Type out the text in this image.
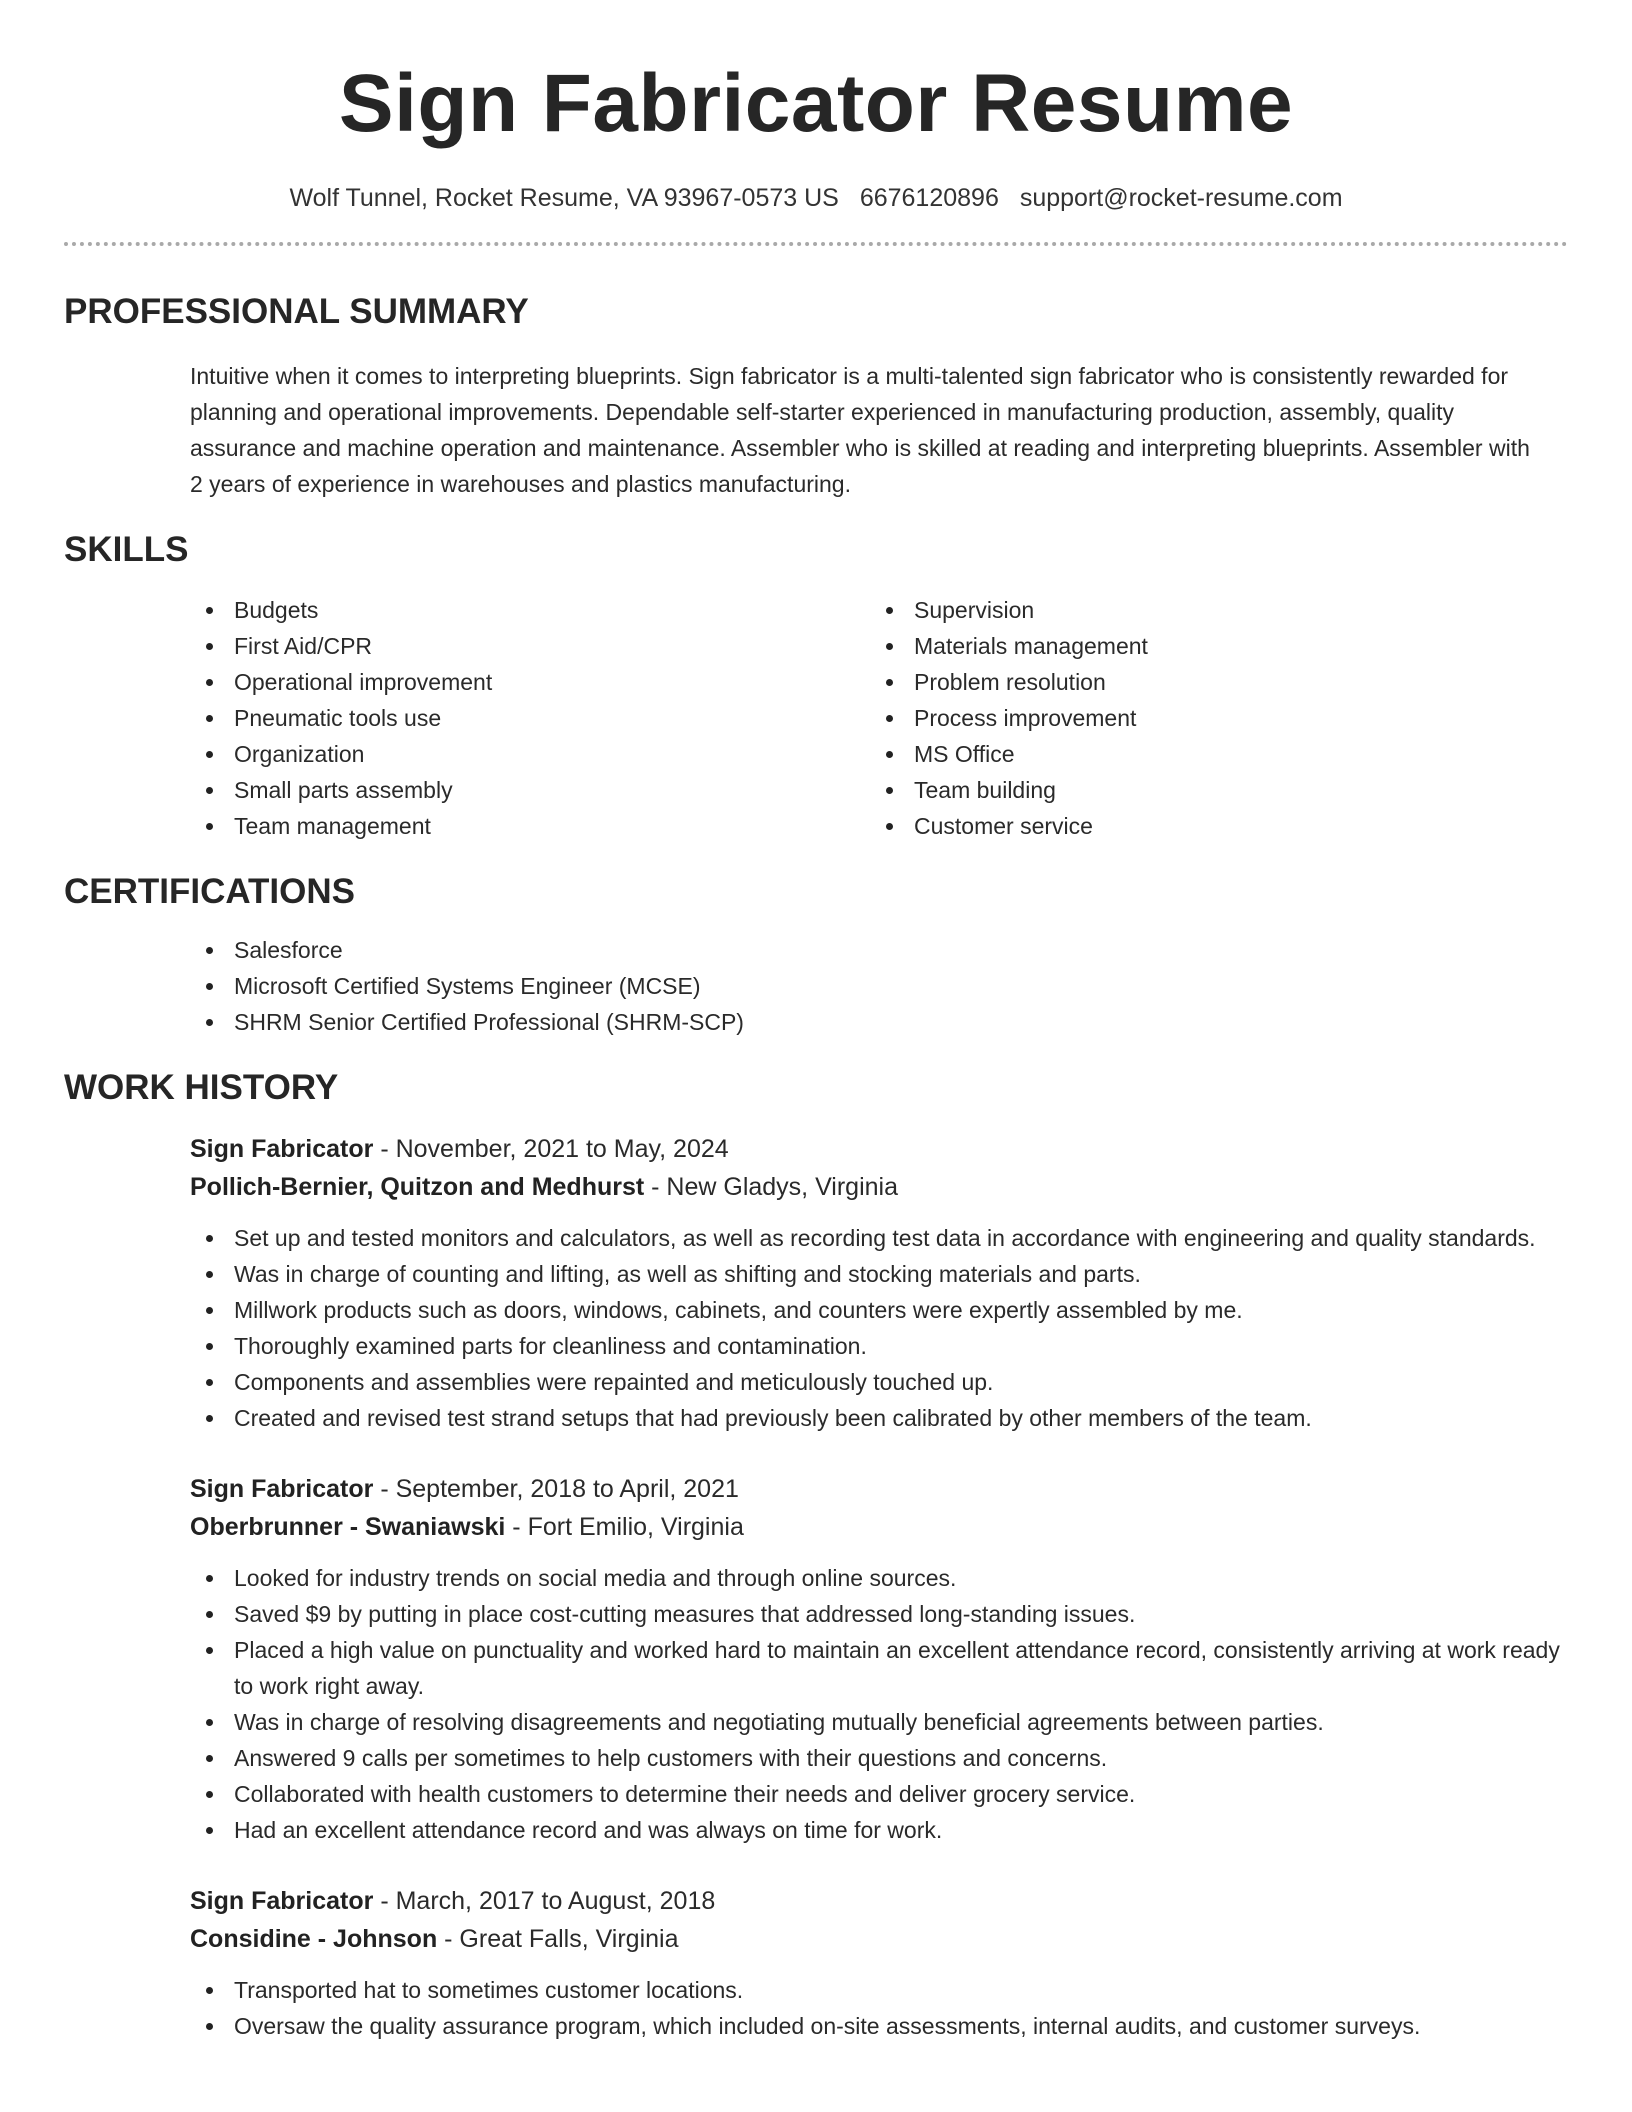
Sign Fabricator Resume
Wolf Tunnel, Rocket Resume, VA 93967-0573 US 6676120896 support@rocket-resume.com
PROFESSIONAL SUMMARY

Intuitive when it comes to interpreting blueprints. Sign fabricator is a multi-talented sign fabricator who is consistently rewarded for planning and operational improvements. Dependable self-starter experienced in manufacturing production, assembly, quality assurance and machine operation and maintenance. Assembler who is skilled at reading and interpreting blueprints. Assembler with 2 years of experience in warehouses and plastics manufacturing.

SKILLS
Budgets
First Aid/CPR
Operational improvement
Pneumatic tools use
Organization
Small parts assembly
Team management
Supervision
Materials management
Problem resolution
Process improvement
MS Office
Team building
Customer service
CERTIFICATIONS
Salesforce
Microsoft Certified Systems Engineer (MCSE)
SHRM Senior Certified Professional (SHRM-SCP)
WORK HISTORY
Sign Fabricator - November, 2021 to May, 2024
Pollich-Bernier, Quitzon and Medhurst - New Gladys, Virginia
Set up and tested monitors and calculators, as well as recording test data in accordance with engineering and quality standards.
Was in charge of counting and lifting, as well as shifting and stocking materials and parts.
Millwork products such as doors, windows, cabinets, and counters were expertly assembled by me.
Thoroughly examined parts for cleanliness and contamination.
Components and assemblies were repainted and meticulously touched up.
Created and revised test strand setups that had previously been calibrated by other members of the team.
Sign Fabricator - September, 2018 to April, 2021
Oberbrunner - Swaniawski - Fort Emilio, Virginia
Looked for industry trends on social media and through online sources.
Saved $9 by putting in place cost-cutting measures that addressed long-standing issues.
Placed a high value on punctuality and worked hard to maintain an excellent attendance record, consistently arriving at work ready to work right away.
Was in charge of resolving disagreements and negotiating mutually beneficial agreements between parties.
Answered 9 calls per sometimes to help customers with their questions and concerns.
Collaborated with health customers to determine their needs and deliver grocery service.
Had an excellent attendance record and was always on time for work.
Sign Fabricator - March, 2017 to August, 2018
Considine - Johnson - Great Falls, Virginia
Transported hat to sometimes customer locations.
Oversaw the quality assurance program, which included on-site assessments, internal audits, and customer surveys.
